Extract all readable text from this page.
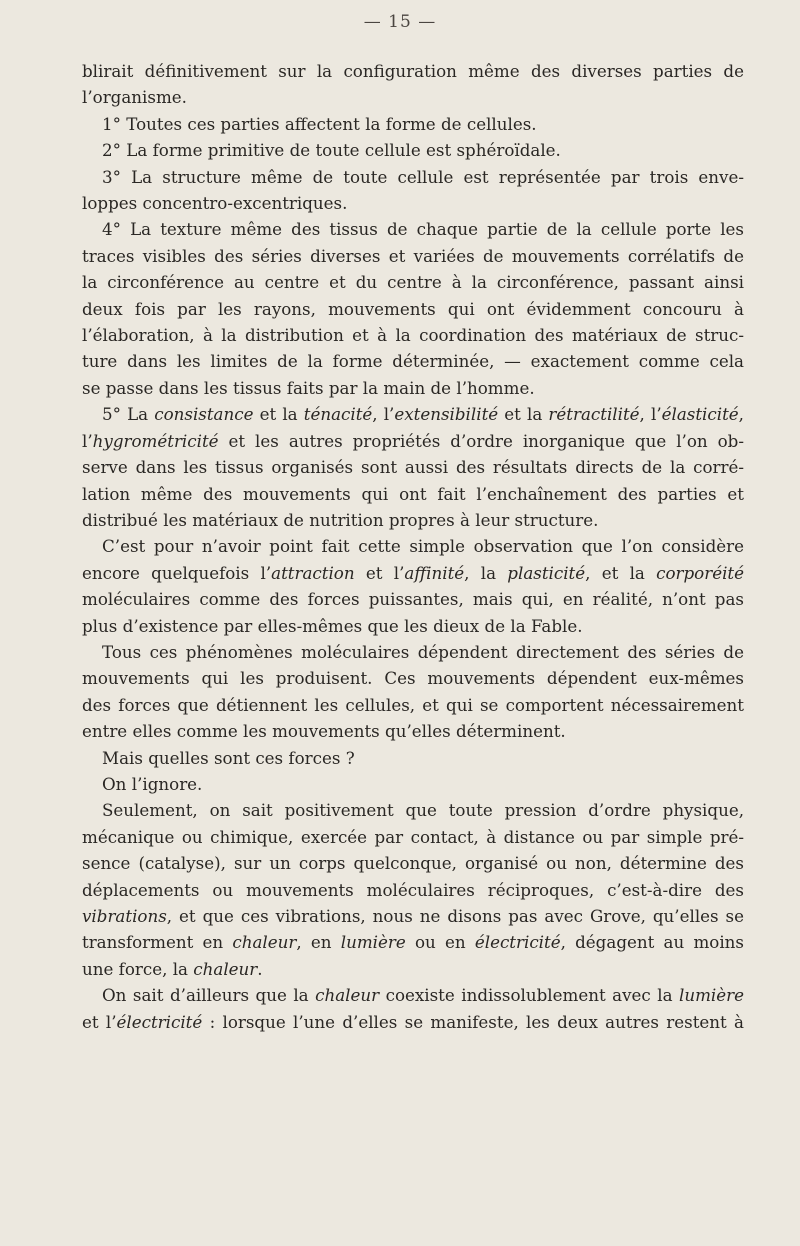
— 15 —
blirait définitivement sur la configuration même des diverses parties de
l’organisme.
1° Toutes ces parties affectent la forme de cellules.
2° La forme primitive de toute cellule est sphéroïdale.
3° La structure même de toute cellule est représentée par trois enve-
loppes concentro-excentriques.
4° La texture même des tissus de chaque partie de la cellule porte les
traces visibles des séries diverses et variées de mouvements corrélatifs de
la circonférence au centre et du centre à la circonférence, passant ainsi
deux fois par les rayons, mouvements qui ont évidemment concouru à
l’élaboration, à la distribution et à la coordination des matériaux de struc-
ture dans les limites de la forme déterminée, — exactement comme cela
se passe dans les tissus faits par la main de l’homme.
5° La consistance et la ténacité, l’extensibilité et la rétractilité, l’élasticité,
l’hygrométricité et les autres propriétés d’ordre inorganique que l’on ob-
serve dans les tissus organisés sont aussi des résultats directs de la corré-
lation même des mouvements qui ont fait l’enchaînement des parties et
distribué les matériaux de nutrition propres à leur structure.
C’est pour n’avoir point fait cette simple observation que l’on considère
encore quelquefois l’attraction et l’affinité, la plasticité, et la corporéité
moléculaires comme des forces puissantes, mais qui, en réalité, n’ont pas
plus d’existence par elles-mêmes que les dieux de la Fable.
Tous ces phénomènes moléculaires dépendent directement des séries de
mouvements qui les produisent. Ces mouvements dépendent eux-mêmes
des forces que détiennent les cellules, et qui se comportent nécessairement
entre elles comme les mouvements qu’elles déterminent.
Mais quelles sont ces forces ?
On l’ignore.
Seulement, on sait positivement que toute pression d’ordre physique,
mécanique ou chimique, exercée par contact, à distance ou par simple pré-
sence (catalyse), sur un corps quelconque, organisé ou non, détermine des
déplacements ou mouvements moléculaires réciproques, c’est-à-dire des
vibrations, et que ces vibrations, nous ne disons pas avec Grove, qu’elles se
transforment en chaleur, en lumière ou en électricité, dégagent au moins
une force, la chaleur.
On sait d’ailleurs que la chaleur coexiste indissolublement avec la lumière
et l’électricité : lorsque l’une d’elles se manifeste, les deux autres restent à
